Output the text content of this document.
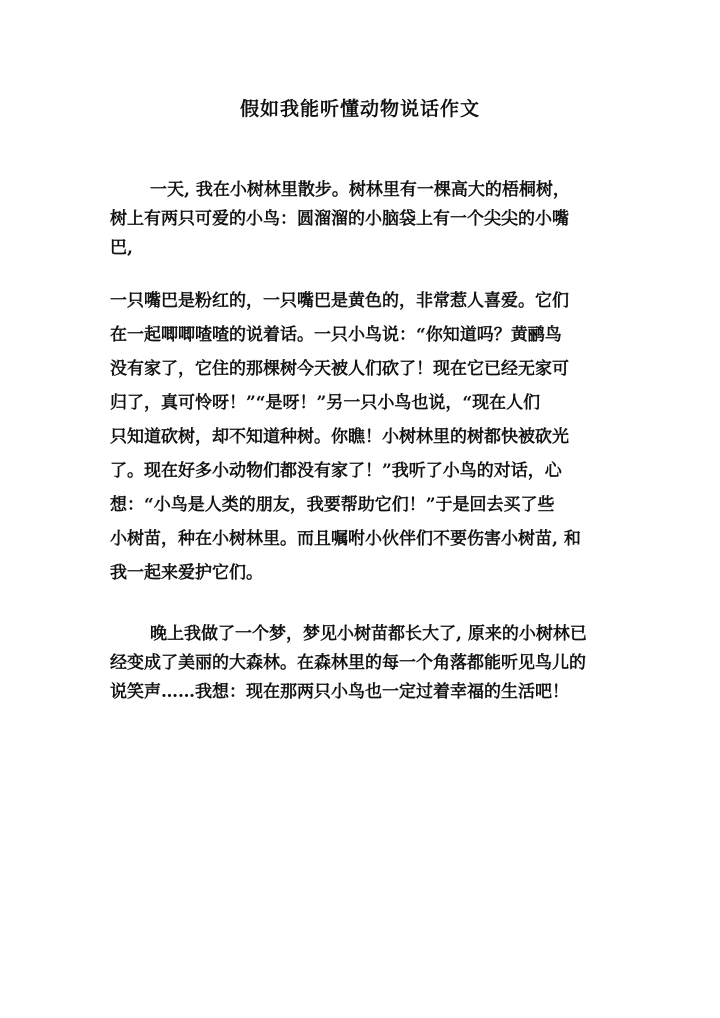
假如我能听懂动物说话作文
一天, 我在小树林里散步。树林里有一棵高大的梧桐树，
树上有两只可爱的小鸟：圆溜溜的小脑袋上有一个尖尖的小嘴
巴,
一只嘴巴是粉红的，一只嘴巴是黄色的，非常惹人喜爱。它们
在一起唧唧喳喳的说着话。一只小鸟说：“你知道吗？黄鹂鸟
没有家了，它住的那棵树今天被人们砍了！现在它已经无家可
归了，真可怜呀！”“是呀！”另一只小鸟也说，“现在人们
只知道砍树，却不知道种树。你瞧！小树林里的树都快被砍光
了。现在好多小动物们都没有家了！”我听了小鸟的对话，心
想：“小鸟是人类的朋友，我要帮助它们！”于是回去买了些
小树苗，种在小树林里。而且嘱咐小伙伴们不要伤害小树苗, 和
我一起来爱护它们。
晚上我做了一个梦，梦见小树苗都长大了, 原来的小树林已
经变成了美丽的大森林。在森林里的每一个角落都能听见鸟儿的
说笑声……我想：现在那两只小鸟也一定过着幸福的生活吧！
